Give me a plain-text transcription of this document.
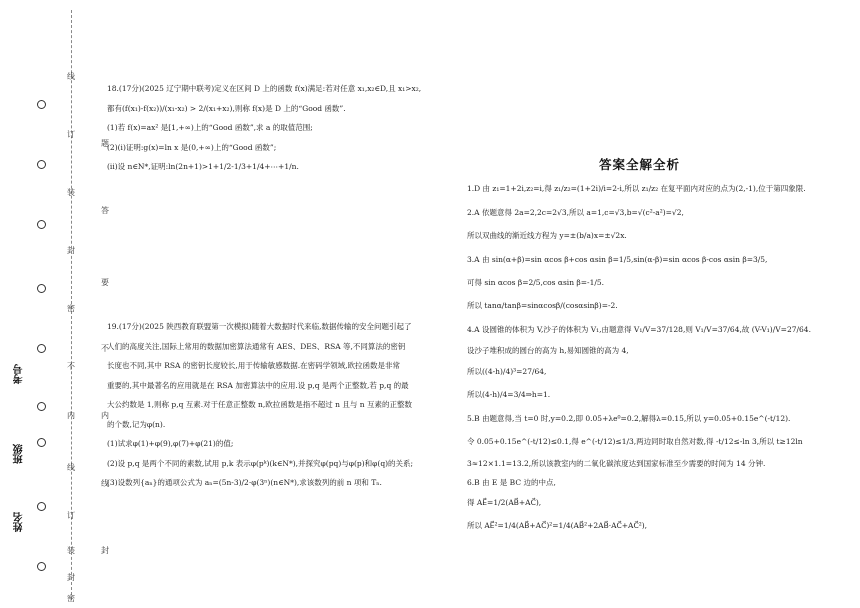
线
订
装
封
密
不
内
线
订
装
封
密
题
答
要
不
内
线
封
考号
班级
姓名

18.(17分)(2025 辽宁期中联考)定义在区间 D 上的函数 f(x)满足:若对任意 x₁,x₂∈D,且 x₁>x₂,

都有(f(x₁)-f(x₂))/(x₁-x₂) > 2/(x₁+x₂),则称 f(x)是 D 上的“Good 函数”.

(1)若 f(x)=ax² 是[1,+∞)上的“Good 函数”,求 a 的取值范围;

(2)(i)证明:g(x)=ln x 是(0,+∞)上的“Good 函数”;

(ii)设 n∈N*,证明:ln(2n+1)>1+1/2-1/3+1/4+⋯+1/n.

19.(17分)(2025 陕西教育联盟第一次模拟)随着大数据时代来临,数据传输的安全问题引起了

人们的高度关注,国际上常用的数据加密算法通常有 AES、DES、RSA 等,不同算法的密钥

长度也不同,其中 RSA 的密钥长度较长,用于传输敏感数据.在密码学领域,欧拉函数是非常

重要的,其中最著名的应用就是在 RSA 加密算法中的应用.设 p,q 是两个正整数,若 p,q 的最

大公约数是 1,则称 p,q 互素.对于任意正整数 n,欧拉函数是指不超过 n 且与 n 互素的正整数

的个数,记为φ(n).

(1)试求φ(1)+φ(9),φ(7)+φ(21)的值;

(2)设 p,q 是两个不同的素数,试用 p,k 表示φ(pᵏ)(k∈N*),并探究φ(pq)与φ(p)和φ(q)的关系;

(3)设数列{aₙ}的通项公式为 aₙ=(5n-3)/2·φ(3ⁿ)(n∈N*),求该数列的前 n 项和 Tₙ.

答案全解全析
1.D 由 z₁=1+2i,z₂=i,得 z₁/z₂=(1+2i)/i=2-i,所以 z₁/z₂ 在复平面内对应的点为(2,-1),位于第四象限.
2.A 依题意得 2a=2,2c=2√3,所以 a=1,c=√3,b=√(c²-a²)=√2,
所以双曲线的渐近线方程为 y=±(b/a)x=±√2x.
3.A 由 sin(α+β)=sin αcos β+cos αsin β=1/5,sin(α-β)=sin αcos β-cos αsin β=3/5,
可得 sin αcos β=2/5,cos αsin β=-1/5.
所以 tanα/tanβ=sinαcosβ/(cosαsinβ)=-2.
4.A 设圆锥的体积为 V,沙子的体积为 V₁,由题意得 V₁/V=37/128,则 V₁/V=37/64,故 (V-V₁)/V=27/64.
设沙子堆积成的圆台的高为 h,易知圆锥的高为 4,
所以((4-h)/4)³=27/64,
所以(4-h)/4=3/4⇒h=1.
5.B 由题意得,当 t=0 时,y=0.2,即 0.05+λe⁰=0.2,解得λ=0.15,所以 y=0.05+0.15e^(-t/12).
令 0.05+0.15e^(-t/12)≤0.1,得 e^(-t/12)≤1/3,两边同时取自然对数,得 -t/12≤-ln 3,所以 t≥12ln
3≈12×1.1=13.2,所以该教室内的二氧化碳浓度达到国家标准至少需要的时间为 14 分钟.
6.B 由 E 是 BC 边的中点,
得 AE⃗=1/2(AB⃗+AC⃗),
所以 AE⃗²=1/4(AB⃗+AC⃗)²=1/4(AB⃗²+2AB⃗·AC⃗+AC⃗²),
